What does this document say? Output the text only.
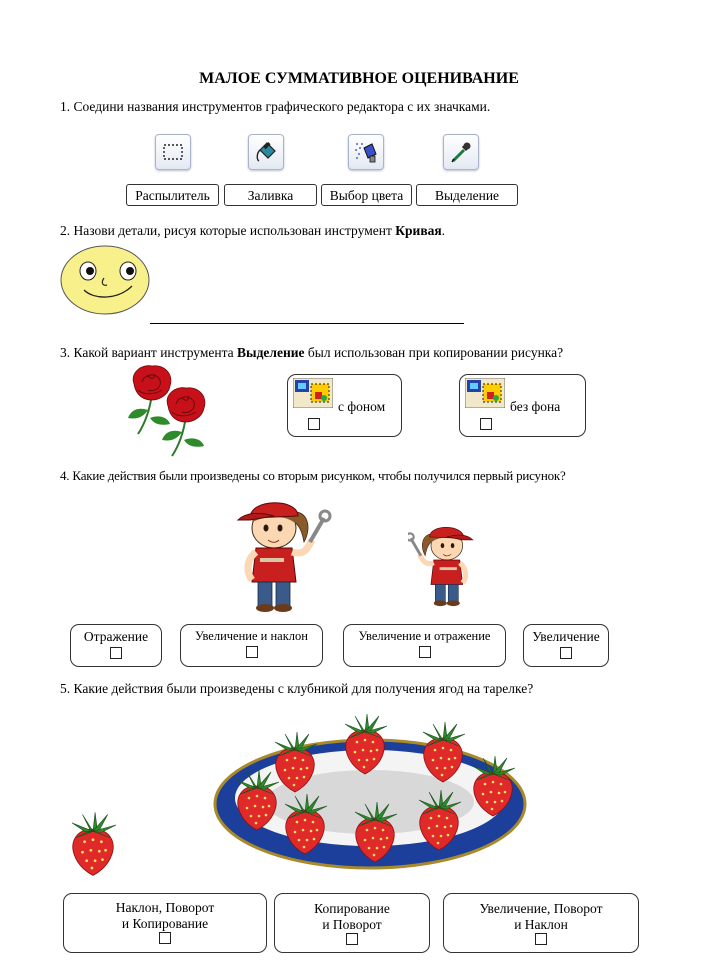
МАЛОЕ СУММАТИВНОЕ ОЦЕНИВАНИЕ
1. Соедини названия инструментов графического редактора с их значками.
Распылитель	Заливка	Выбор цвета	Выделение
2. Назови детали, рисуя которые использован инструмент Кривая.
3. Какой вариант инструмента Выделение был использован при копировании рисунка?
с фоном	без фона
4. Какие действия были произведены со вторым рисунком, чтобы получился первый рисунок?
Отражение	Увеличение и наклон	Увеличение и отражение	Увеличение
5. Какие действия были произведены с клубникой для получения ягод на тарелке?
Наклон, Поворот
и Копирование
Копирование
и Поворот
Увеличение, Поворот
и Наклон
